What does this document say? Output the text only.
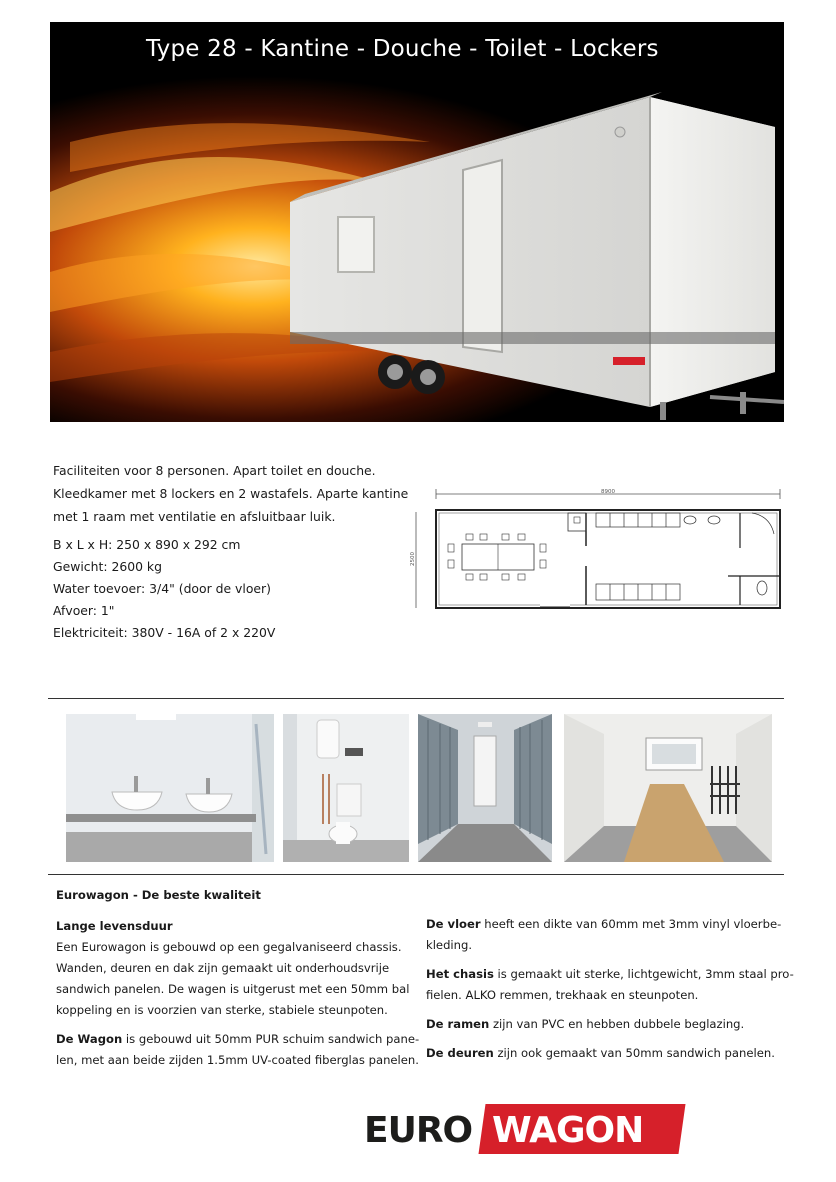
Type 28 - Kantine - Douche - Toilet - Lockers

Faciliteiten voor 8 personen. Apart toilet en douche.

Kleedkamer met 8 lockers en 2 wastafels. Aparte kantine

met 1 raam met ventilatie en afsluitbaar luik.

B x L x H: 250 x 890 x 292 cm
Gewicht: 2600 kg
Water toevoer: 3/4" (door de vloer)
Afvoer: 1"
Elektriciteit: 380V - 16A of 2 x 220V
8900
2500
Eurowagon - De beste kwaliteit
Lange levensduur
Een Eurowagon is gebouwd op een gegalvaniseerd chassis.
Wanden, deuren en dak zijn gemaakt uit onderhoudsvrije
sandwich panelen. De wagen is uitgerust met een 50mm bal
koppeling en is voorzien van sterke, stabiele steunpoten.
De Wagon is gebouwd uit 50mm PUR schuim sandwich pane-
len, met aan beide zijden 1.5mm UV-coated fiberglas panelen.
De vloer heeft een dikte van 60mm met 3mm vinyl vloerbe-
kleding.
Het chasis is gemaakt uit sterke, lichtgewicht, 3mm staal pro-
fielen. ALKO remmen, trekhaak en steunpoten.
De ramen zijn van PVC en hebben dubbele beglazing.
De deuren zijn ook gemaakt van 50mm sandwich panelen.
EURO WAGON
